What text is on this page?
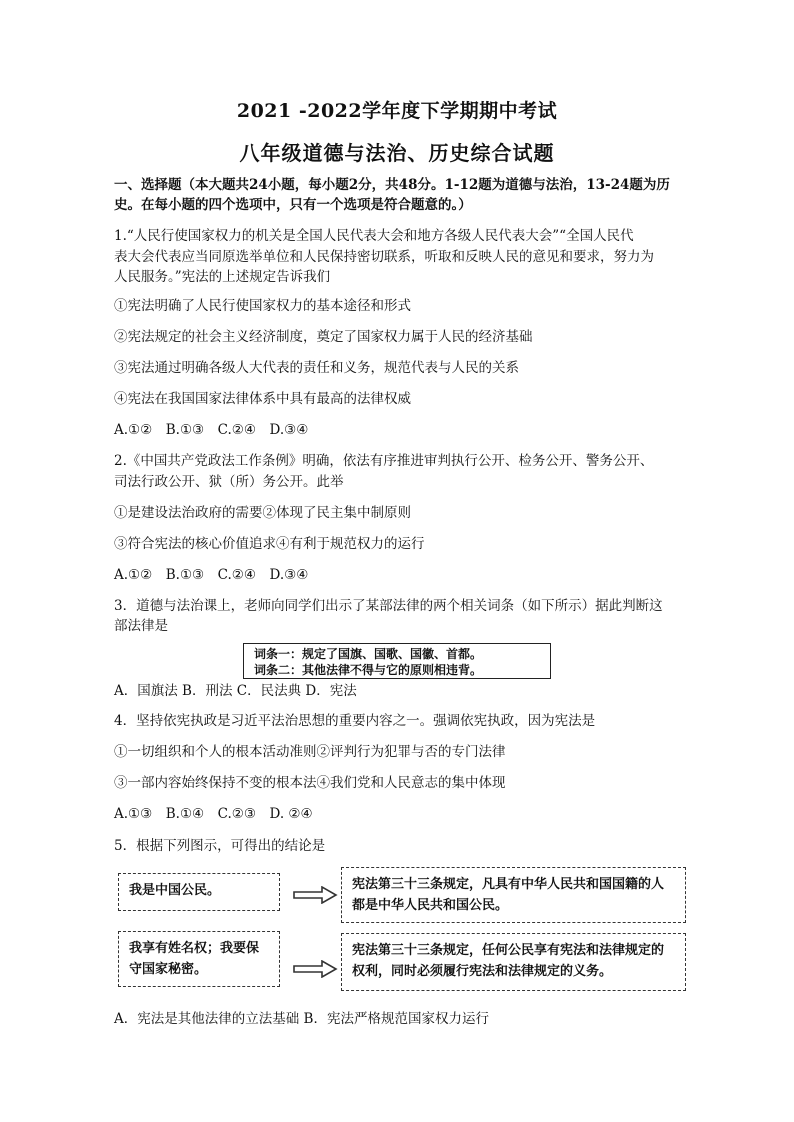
2021 -2022学年度下学期期中考试
八年级道德与法治、历史综合试题
一、选择题（本大题共24小题，每小题2分，共48分。1-12题为道德与法治，13-24题为历史。在每小题的四个选项中，只有一个选项是符合题意的。）
1.“人民行使国家权力的机关是全国人民代表大会和地方各级人民代表大会”“全国人民代
表大会代表应当同原选举单位和人民保持密切联系，听取和反映人民的意见和要求，努力为
人民服务。”宪法的上述规定告诉我们
①宪法明确了人民行使国家权力的基本途径和形式
②宪法规定的社会主义经济制度，奠定了国家权力属于人民的经济基础
③宪法通过明确各级人大代表的责任和义务，规范代表与人民的关系
④宪法在我国国家法律体系中具有最高的法律权威
A.①②　B.①③　C.②④　D.③④
2.《中国共产党政法工作条例》明确，依法有序推进审判执行公开、检务公开、警务公开、
司法行政公开、狱（所）务公开。此举
①是建设法治政府的需要②体现了民主集中制原则
③符合宪法的核心价值追求④有利于规范权力的运行
A.①②　B.①③　C.②④　D.③④
3．道德与法治课上，老师向同学们出示了某部法律的两个相关词条（如下所示）据此判断这
部法律是
词条一：规定了国旗、国歌、国徽、首都。
词条二：其他法律不得与它的原则相违背。
A．国旗法 B．刑法 C．民法典 D．宪法
4．坚持依宪执政是习近平法治思想的重要内容之一。强调依宪执政，因为宪法是
①一切组织和个人的根本活动准则②评判行为犯罪与否的专门法律
③一部内容始终保持不变的根本法④我们党和人民意志的集中体现
A.①③　B.①④　C.②③　D. ②④
5．根据下列图示，可得出的结论是
我是中国公民。	宪法第三十三条规定，凡具有中华人民共和国国籍的人都是中华人民共和国公民。
我享有姓名权；我要保守国家秘密。
宪法第三十三条规定，任何公民享有宪法和法律规定的权利，同时必须履行宪法和法律规定的义务。
A．宪法是其他法律的立法基础 B．宪法严格规范国家权力运行
